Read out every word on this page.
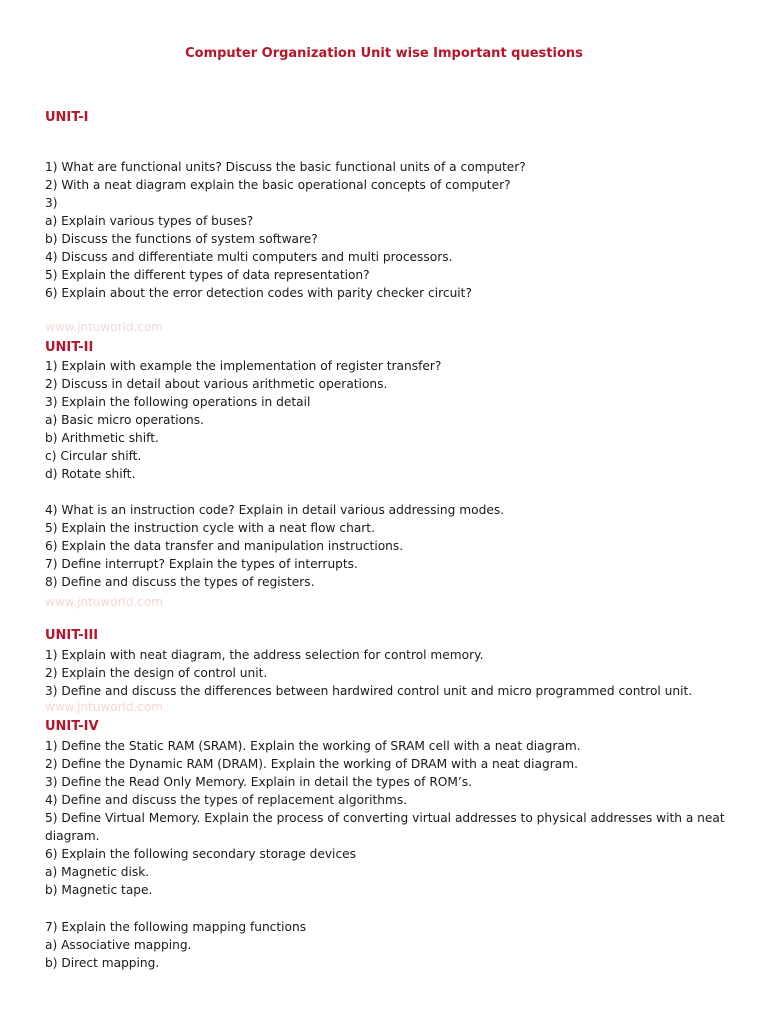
Computer Organization Unit wise Important questions
UNIT-I
1) What are functional units? Discuss the basic functional units of a computer?
2) With a neat diagram explain the basic operational concepts of computer?
3)
a) Explain various types of buses?
b) Discuss the functions of system software?
4) Discuss and differentiate multi computers and multi processors.
5) Explain the different types of data representation?
6) Explain about the error detection codes with parity checker circuit?
www.jntuworld.com
UNIT-II
1) Explain with example the implementation of register transfer?
2) Discuss in detail about various arithmetic operations.
3) Explain the following operations in detail
a) Basic micro operations.
b) Arithmetic shift.
c) Circular shift.
d) Rotate shift.
4) What is an instruction code? Explain in detail various addressing modes.
5) Explain the instruction cycle with a neat flow chart.
6) Explain the data transfer and manipulation instructions.
7) Define interrupt? Explain the types of interrupts.
8) Define and discuss the types of registers.
www.jntuworld.com
UNIT-III
1) Explain with neat diagram, the address selection for control memory.
2) Explain the design of control unit.
3) Define and discuss the differences between hardwired control unit and micro programmed control unit.
www.jntuworld.com
UNIT-IV
1) Define the Static RAM (SRAM). Explain the working of SRAM cell with a neat diagram.
2) Define the Dynamic RAM (DRAM). Explain the working of DRAM with a neat diagram.
3) Define the Read Only Memory. Explain in detail the types of ROM’s.
4) Define and discuss the types of replacement algorithms.
5) Define Virtual Memory. Explain the process of converting virtual addresses to physical addresses with a neat diagram.
6) Explain the following secondary storage devices
a) Magnetic disk.
b) Magnetic tape.
7) Explain the following mapping functions
a) Associative mapping.
b) Direct mapping.
